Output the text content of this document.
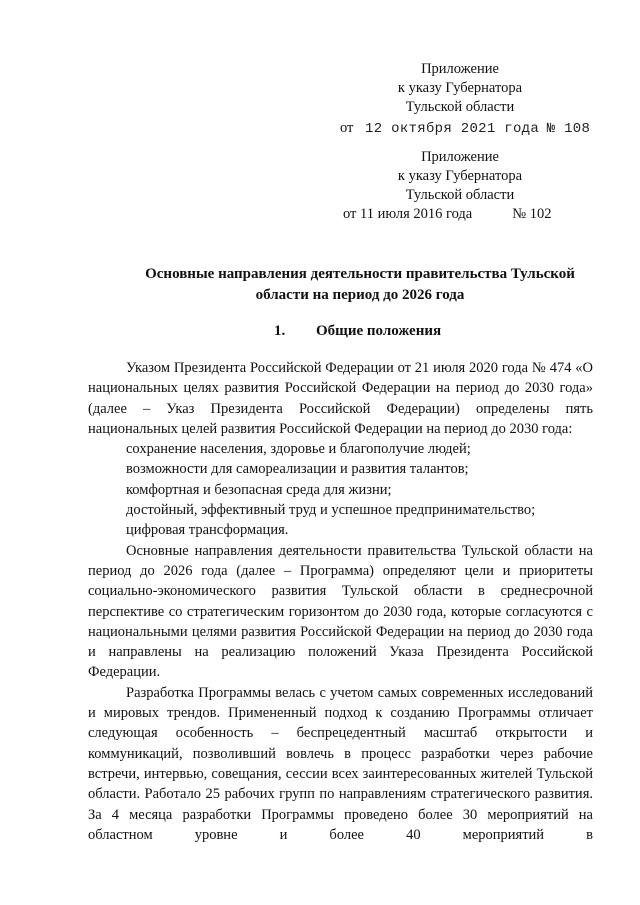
Приложение
к указу Губернатора
Тульской области
от 12 октября 2021 года № 108
Приложение
к указу Губернатора
Тульской области
от 11 июля 2016 года	№ 102
Основные направления деятельности правительства Тульской
области на период до 2026 года
1. Общие положения

Указом Президента Российской Федерации от 21 июля 2020 года № 474 «О национальных целях развития Российской Федерации на период до 2030 года» (далее – Указ Президента Российской Федерации) определены пять национальных целей развития Российской Федерации на период до 2030 года:

сохранение населения, здоровье и благополучие людей;

возможности для самореализации и развития талантов;

комфортная и безопасная среда для жизни;

достойный, эффективный труд и успешное предпринимательство;

цифровая трансформация.

Основные направления деятельности правительства Тульской области на период до 2026 года (далее – Программа) определяют цели и приоритеты социально-экономического развития Тульской области в среднесрочной перспективе со стратегическим горизонтом до 2030 года, которые согласуются с национальными целями развития Российской Федерации на период до 2030 года и направлены на реализацию положений Указа Президента Российской Федерации.

Разработка Программы велась с учетом самых современных исследований и мировых трендов. Примененный подход к созданию Программы отличает следующая особенность – беспрецедентный масштаб открытости и коммуникаций, позволивший вовлечь в процесс разработки через рабочие встречи, интервью, совещания, сессии всех заинтересованных жителей Тульской области. Работало 25 рабочих групп по направлениям стратегического развития. За 4 месяца разработки Программы проведено более 30 мероприятий на областном уровне и более 40 мероприятий в
